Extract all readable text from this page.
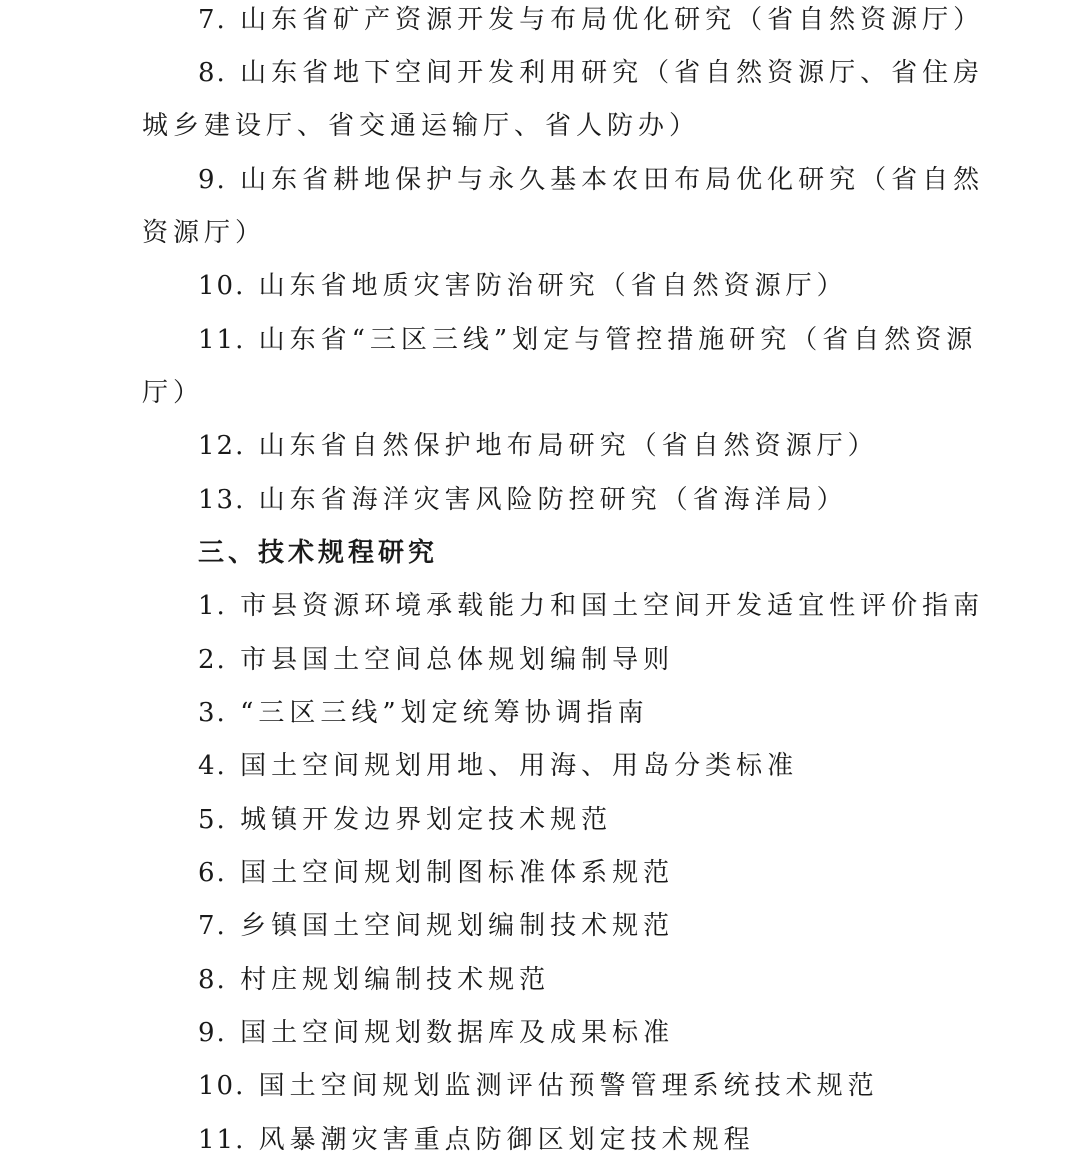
7. 山东省矿产资源开发与布局优化研究（省自然资源厅）
8. 山东省地下空间开发利用研究（省自然资源厅、省住房
城乡建设厅、省交通运输厅、省人防办）
9. 山东省耕地保护与永久基本农田布局优化研究（省自然
资源厅）
10. 山东省地质灾害防治研究（省自然资源厅）
11. 山东省“三区三线”划定与管控措施研究（省自然资源
厅）
12. 山东省自然保护地布局研究（省自然资源厅）
13. 山东省海洋灾害风险防控研究（省海洋局）
三、技术规程研究
1. 市县资源环境承载能力和国土空间开发适宜性评价指南
2. 市县国土空间总体规划编制导则
3. “三区三线”划定统筹协调指南
4. 国土空间规划用地、用海、用岛分类标准
5. 城镇开发边界划定技术规范
6. 国土空间规划制图标准体系规范
7. 乡镇国土空间规划编制技术规范
8. 村庄规划编制技术规范
9. 国土空间规划数据库及成果标准
10. 国土空间规划监测评估预警管理系统技术规范
11. 风暴潮灾害重点防御区划定技术规程
